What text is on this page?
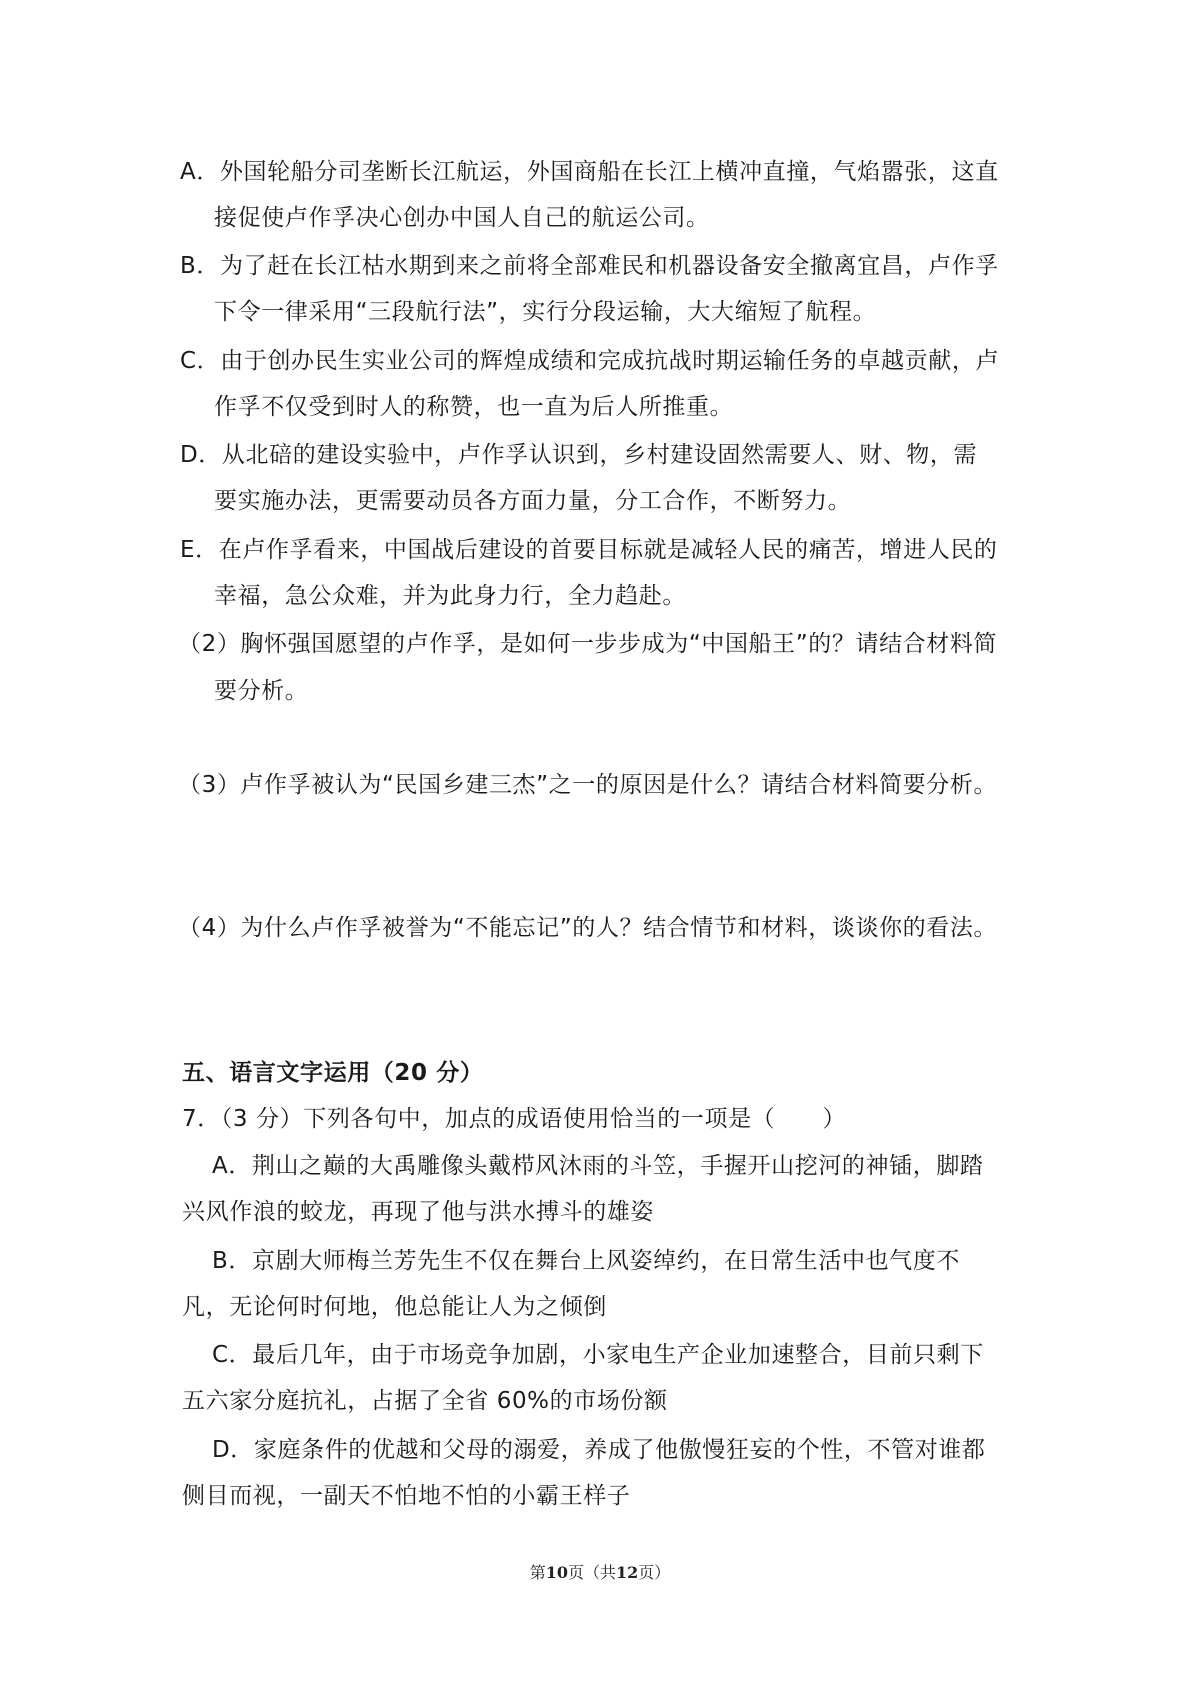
A．外国轮船分司垄断长江航运，外国商船在长江上横冲直撞，气焰嚣张，这直
接促使卢作孚决心创办中国人自己的航运公司。
B．为了赶在长江枯水期到来之前将全部难民和机器设备安全撤离宜昌，卢作孚
下令一律采用“三段航行法”，实行分段运输，大大缩短了航程。
C．由于创办民生实业公司的辉煌成绩和完成抗战时期运输任务的卓越贡献，卢
作孚不仅受到时人的称赞，也一直为后人所推重。
D．从北碚的建设实验中，卢作孚认识到，乡村建设固然需要人、财、物，需
要实施办法，更需要动员各方面力量，分工合作，不断努力。
E．在卢作孚看来，中国战后建设的首要目标就是减轻人民的痛苦，增进人民的
幸福，急公众难，并为此身力行，全力趋赴。
（2）胸怀强国愿望的卢作孚，是如何一步步成为“中国船王”的？请结合材料简
要分析。
（3）卢作孚被认为“民国乡建三杰”之一的原因是什么？请结合材料简要分析。
（4）为什么卢作孚被誉为“不能忘记”的人？结合情节和材料，谈谈你的看法。
五、语言文字运用（20 分）
7．（3 分）下列各句中，加点的成语使用恰当的一项是（　　）
A．荆山之巅的大禹雕像头戴栉风沐雨的斗笠，手握开山挖河的神锸，脚踏
兴风作浪的蛟龙，再现了他与洪水搏斗的雄姿
B．京剧大师梅兰芳先生不仅在舞台上风姿绰约，在日常生活中也气度不
凡，无论何时何地，他总能让人为之倾倒
C．最后几年，由于市场竞争加剧，小家电生产企业加速整合，目前只剩下
五六家分庭抗礼，占据了全省 60%的市场份额
D．家庭条件的优越和父母的溺爱，养成了他傲慢狂妄的个性，不管对谁都
侧目而视，一副天不怕地不怕的小霸王样子
第10页（共12页）
